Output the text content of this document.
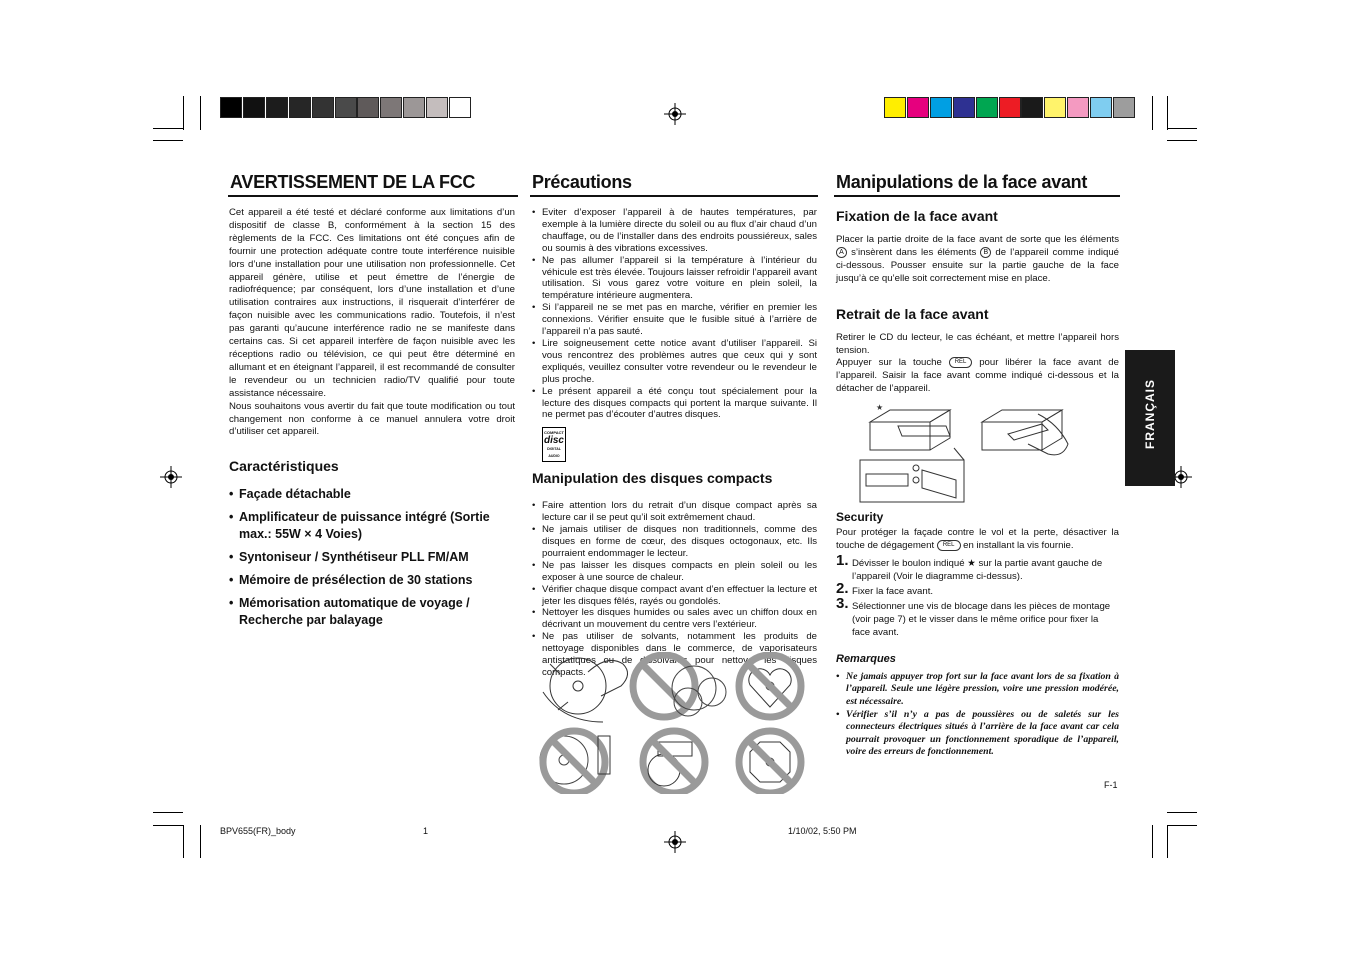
AVERTISSEMENT DE LA FCC	Précautions	Manipulations de la face avant
Cet appareil a été testé et déclaré conforme aux limitations d’un dispositif de classe B, conformément à la section 15 des règlements de la FCC. Ces limitations ont été conçues afin de fournir une protection adéquate contre toute interférence nuisible lors d’une installation pour une utilisation non professionnelle. Cet appareil génère, utilise et peut émettre de l’énergie de radiofréquence; par conséquent, lors d’une installation et d’une utilisation contraires aux instructions, il risquerait d’interférer de façon nuisible avec les communications radio. Toutefois, il n’est pas garanti qu’aucune interférence radio ne se manifeste dans certains cas. Si cet appareil interfère de façon nuisible avec les réceptions radio ou télévision, ce qui peut être déterminé en allumant et en éteignant l’appareil, il est recommandé de consulter le revendeur ou un technicien radio/TV qualifié pour toute assistance nécessaire.
Nous souhaitons vous avertir du fait que toute modification ou tout changement non conforme à ce manuel annulera votre droit d’utiliser cet appareil.
Caractéristiques
• Façade détachable
• Amplificateur de puissance intégré (Sortie max.: 55W × 4 Voies)
• Syntoniseur / Synthétiseur PLL FM/AM
• Mémoire de présélection de 30 stations
• Mémorisation automatique de voyage / Recherche par balayage
• Eviter d’exposer l’appareil à de hautes températures, par exemple à la lumière directe du soleil ou au flux d’air chaud d’un chauffage, ou de l’installer dans des endroits poussiéreux, sales ou soumis à des vibrations excessives.
• Ne pas allumer l’appareil si la température à l’intérieur du véhicule est très élevée. Toujours laisser refroidir l’appareil avant utilisation. Si vous garez votre voiture en plein soleil, la température intérieure augmentera.
• Si l’appareil ne se met pas en marche, vérifier en premier les connexions. Vérifier ensuite que le fusible situé à l’arrière de l’appareil n’a pas sauté.
• Lire soigneusement cette notice avant d’utiliser l’appareil. Si vous rencontrez des problèmes autres que ceux qui y sont expliqués, veuillez consulter votre revendeur ou le revendeur le plus proche.
• Le présent appareil a été conçu tout spécialement pour la lecture des disques compacts qui portent la marque suivante. Il ne permet pas d’écouter d’autres disques.
COMPACT
disc
DIGITAL AUDIO
Manipulation des disques compacts
• Faire attention lors du retrait d’un disque compact après sa lecture car il se peut qu’il soit extrêmement chaud.
• Ne jamais utiliser de disques non traditionnels, comme des disques en forme de cœur, des disques octogonaux, etc. Ils pourraient endommager le lecteur.
• Ne pas laisser les disques compacts en plein soleil ou les exposer à une source de chaleur.
• Vérifier chaque disque compact avant d’en effectuer la lecture et jeter les disques fêlés, rayés ou gondolés.
• Nettoyer les disques humides ou sales avec un chiffon doux en décrivant un mouvement du centre vers l’extérieur.
• Ne pas utiliser de solvants, notamment les produits de nettoyage disponibles dans le commerce, de vaporisateurs antistatiques ou de dissolvants pour nettoyer les disques compacts.
Fixation de la face avant
Placer la partie droite de la face avant de sorte que les éléments A s’insèrent dans les éléments B de l’appareil comme indiqué ci-dessous. Pousser ensuite sur la partie gauche de la face jusqu’à ce qu’elle soit correctement mise en place.
Retrait de la face avant
Retirer le CD du lecteur, le cas échéant, et mettre l’appareil hors tension.
Appuyer sur la touche REL pour libérer la face avant de l’appareil. Saisir la face avant comme indiqué ci-dessous et la détacher de l’appareil.
★
Security
Pour protéger la façade contre le vol et la perte, désactiver la touche de dégagement REL en installant la vis fournie.
1. Dévisser le boulon indiqué ★ sur la partie avant gauche de l’appareil (Voir le diagramme ci-dessus).
2. Fixer la face avant.
3. Sélectionner une vis de blocage dans les pièces de montage (voir page 7) et le visser dans le même orifice pour fixer la face avant.
Remarques
• Ne jamais appuyer trop fort sur la face avant lors de sa fixation à l’appareil. Seule une légère pression, voire une pression modérée, est nécessaire.
• Vérifier s’il n’y a pas de poussières ou de saletés sur les connecteurs électriques situés à l’arrière de la face avant car cela pourrait provoquer un fonctionnement sporadique de l’appareil, voire des erreurs de fonctionnement.
F-1
FRANÇAIS
BPV655(FR)_body	1	1/10/02, 5:50 PM
